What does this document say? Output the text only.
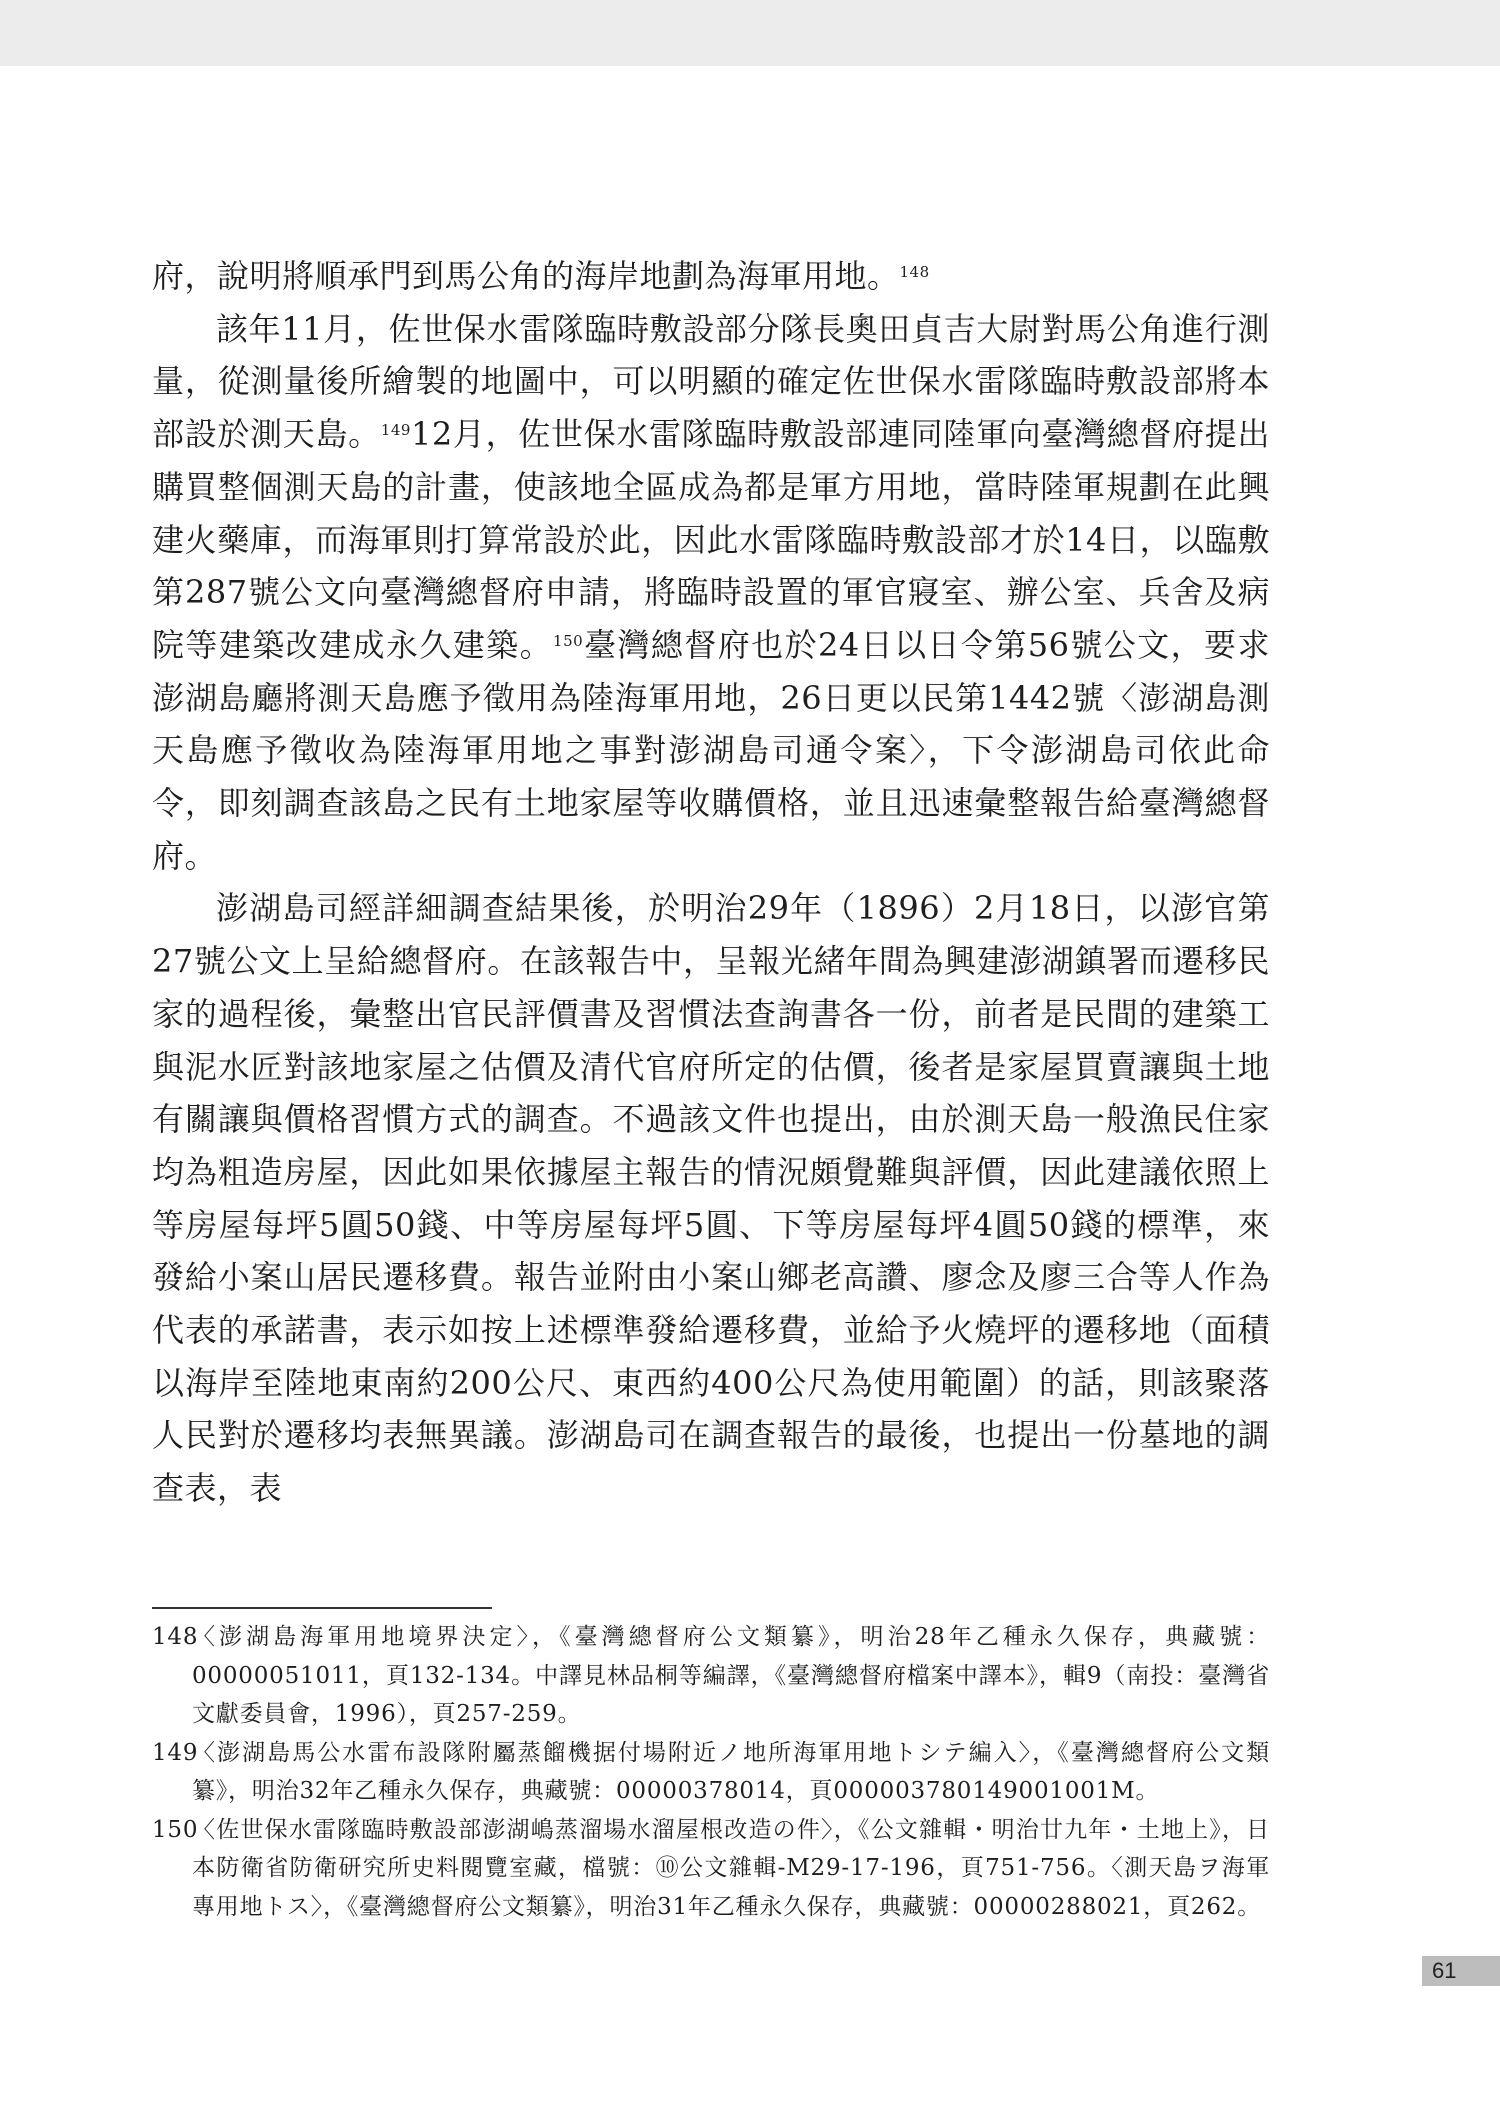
府，說明將順承門到馬公角的海岸地劃為海軍用地。$^{148}$

該年11月，佐世保水雷隊臨時敷設部分隊長奧田貞吉大尉對馬公角進行測量，從測量後所繪製的地圖中，可以明顯的確定佐世保水雷隊臨時敷設部將本部設於測天島。$^{149}$12月，佐世保水雷隊臨時敷設部連同陸軍向臺灣總督府提出購買整個測天島的計畫，使該地全區成為都是軍方用地，當時陸軍規劃在此興建火藥庫，而海軍則打算常設於此，因此水雷隊臨時敷設部才於14日，以臨敷第287號公文向臺灣總督府申請，將臨時設置的軍官寢室、辦公室、兵舍及病院等建築改建成永久建築。$^{150}$臺灣總督府也於24日以日令第56號公文，要求澎湖島廳將測天島應予徵用為陸海軍用地，26日更以民第1442號〈澎湖島測天島應予徵收為陸海軍用地之事對澎湖島司通令案〉，下令澎湖島司依此命令，即刻調查該島之民有土地家屋等收購價格，並且迅速彙整報告給臺灣總督府。

澎湖島司經詳細調查結果後，於明治29年（1896）2月18日，以澎官第27號公文上呈給總督府。在該報告中，呈報光緒年間為興建澎湖鎮署而遷移民家的過程後，彙整出官民評價書及習慣法查詢書各一份，前者是民間的建築工與泥水匠對該地家屋之估價及清代官府所定的估價，後者是家屋買賣讓與土地有關讓與價格習慣方式的調查。不過該文件也提出，由於測天島一般漁民住家均為粗造房屋，因此如果依據屋主報告的情況頗覺難與評價，因此建議依照上等房屋每坪5圓50錢、中等房屋每坪5圓、下等房屋每坪4圓50錢的標準，來發給小案山居民遷移費。報告並附由小案山鄉老高讚、廖念及廖三合等人作為代表的承諾書，表示如按上述標準發給遷移費，並給予火燒坪的遷移地（面積以海岸至陸地東南約200公尺、東西約400公尺為使用範圍）的話，則該聚落人民對於遷移均表無異議。澎湖島司在調查報告的最後，也提出一份墓地的調查表，表

148
〈澎湖島海軍用地境界決定〉，《臺灣總督府公文類纂》，明治28年乙種永久保存，典藏號：00000051011，頁132-134。中譯見林品桐等編譯，《臺灣總督府檔案中譯本》，輯9（南投：臺灣省文獻委員會，1996），頁257-259。
149
〈澎湖島馬公水雷布設隊附屬蒸餾機据付場附近ノ地所海軍用地トシテ編入〉，《臺灣總督府公文類纂》，明治32年乙種永久保存，典藏號：00000378014，頁000003780149001001M。
150
〈佐世保水雷隊臨時敷設部澎湖嶋蒸溜場水溜屋根改造の件〉，《公文雜輯・明治廿九年・土地上》，日本防衛省防衛研究所史料閱覽室藏，檔號：⑩公文雜輯-M29-17-196，頁751-756。〈測天島ヲ海軍專用地トス〉，《臺灣總督府公文類纂》，明治31年乙種永久保存，典藏號：00000288021，頁262。
61
